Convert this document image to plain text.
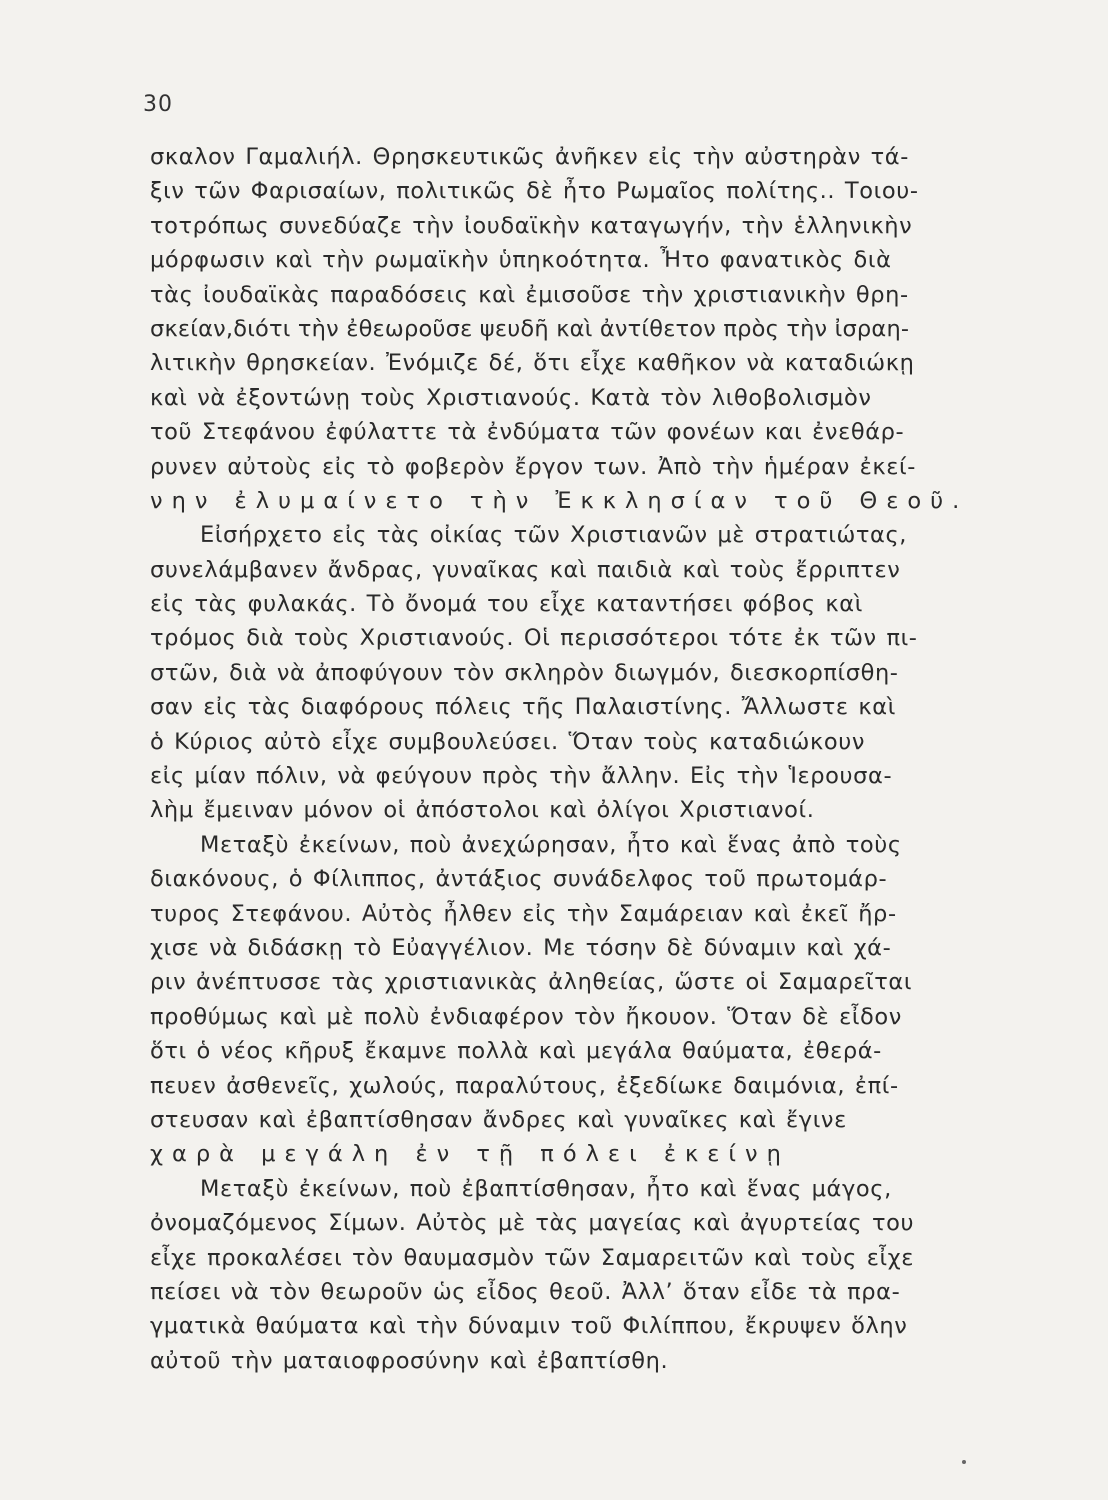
30
σκαλον Γαμαλιήλ. Θρησκευτικῶς ἀνῆκεν εἰς τὴν αὐστηρὰν τά-
ξιν τῶν Φαρισαίων, πολιτικῶς δὲ ἦτο Ρωμαῖος πολίτης.. Τοιου-
τοτρόπως συνεδύαζε τὴν ἰουδαϊκὴν καταγωγήν, τὴν ἑλληνικὴν
μόρφωσιν καὶ τὴν ρωμαϊκὴν ὑπηκοότητα. Ἦτο φανατικὸς διὰ
τὰς ἰουδαϊκὰς παραδόσεις καὶ ἐμισοῦσε τὴν χριστιανικὴν θρη-
σκείαν,διότι τὴν ἐθεωροῦσε ψευδῆ καὶ ἀντίθετον πρὸς τὴν ἰσραη-
λιτικὴν θρησκείαν. Ἐνόμιζε δέ, ὅτι εἶχε καθῆκον νὰ καταδιώκῃ
καὶ νὰ ἐξοντώνῃ τοὺς Χριστιανούς. Κατὰ τὸν λιθοβολισμὸν
τοῦ Στεφάνου ἐφύλαττε τὰ ἐνδύματα τῶν φονέων και ἐνεθάρ-
ρυνεν αὐτοὺς εἰς τὸ φοβερὸν ἔργον των. Ἀπὸ τὴν ἡμέραν ἐκεί-
νην ἐλυμαίνετο τὴν Ἐκκλησίαν τοῦ Θεοῦ.
Εἰσήρχετο εἰς τὰς οἰκίας τῶν Χριστιανῶν μὲ στρατιώτας,
συνελάμβανεν ἄνδρας, γυναῖκας καὶ παιδιὰ καὶ τοὺς ἔρριπτεν
εἰς τὰς φυλακάς. Τὸ ὄνομά του εἶχε καταντήσει φόβος καὶ
τρόμος διὰ τοὺς Χριστιανούς. Οἱ περισσότεροι τότε ἐκ τῶν πι-
στῶν, διὰ νὰ ἀποφύγουν τὸν σκληρὸν διωγμόν, διεσκορπίσθη-
σαν εἰς τὰς διαφόρους πόλεις τῆς Παλαιστίνης. Ἄλλωστε καὶ
ὁ Κύριος αὐτὸ εἶχε συμβουλεύσει. Ὅταν τοὺς καταδιώκουν
εἰς μίαν πόλιν, νὰ φεύγουν πρὸς τὴν ἄλλην. Εἰς τὴν Ἱερουσα-
λὴμ ἔμειναν μόνον οἱ ἀπόστολοι καὶ ὀλίγοι Χριστιανοί.
Μεταξὺ ἐκείνων, ποὺ ἀνεχώρησαν, ἦτο καὶ ἕνας ἀπὸ τοὺς
διακόνους, ὁ Φίλιππος, ἀντάξιος συνάδελφος τοῦ πρωτομάρ-
τυρος Στεφάνου. Αὐτὸς ἦλθεν εἰς τὴν Σαμάρειαν καὶ ἐκεῖ ἤρ-
χισε νὰ διδάσκῃ τὸ Εὐαγγέλιον. Με τόσην δὲ δύναμιν καὶ χά-
ριν ἀνέπτυσσε τὰς χριστιανικὰς ἀληθείας, ὥστε οἱ Σαμαρεῖται
προθύμως καὶ μὲ πολὺ ἐνδιαφέρον τὸν ἤκουον. Ὅταν δὲ εἶδον
ὅτι ὁ νέος κῆρυξ ἔκαμνε πολλὰ καὶ μεγάλα θαύματα, ἐθερά-
πευεν ἀσθενεῖς, χωλούς, παραλύτους, ἐξεδίωκε δαιμόνια, ἐπί-
στευσαν καὶ ἐβαπτίσθησαν ἄνδρες καὶ γυναῖκες καὶ ἔγινε
χαρὰ μεγάλη ἐν τῇ πόλει ἐκείνῃ
Μεταξὺ ἐκείνων, ποὺ ἐβαπτίσθησαν, ἦτο καὶ ἕνας μάγος,
ὀνομαζόμενος Σίμων. Αὐτὸς μὲ τὰς μαγείας καὶ ἀγυρτείας του
εἶχε προκαλέσει τὸν θαυμασμὸν τῶν Σαμαρειτῶν καὶ τοὺς εἶχε
πείσει νὰ τὸν θεωροῦν ὡς εἶδος θεοῦ. Ἀλλ’ ὅταν εἶδε τὰ πρα-
γματικὰ θαύματα καὶ τὴν δύναμιν τοῦ Φιλίππου, ἔκρυψεν ὅλην
αὐτοῦ τὴν ματαιοφροσύνην καὶ ἐβαπτίσθη.
